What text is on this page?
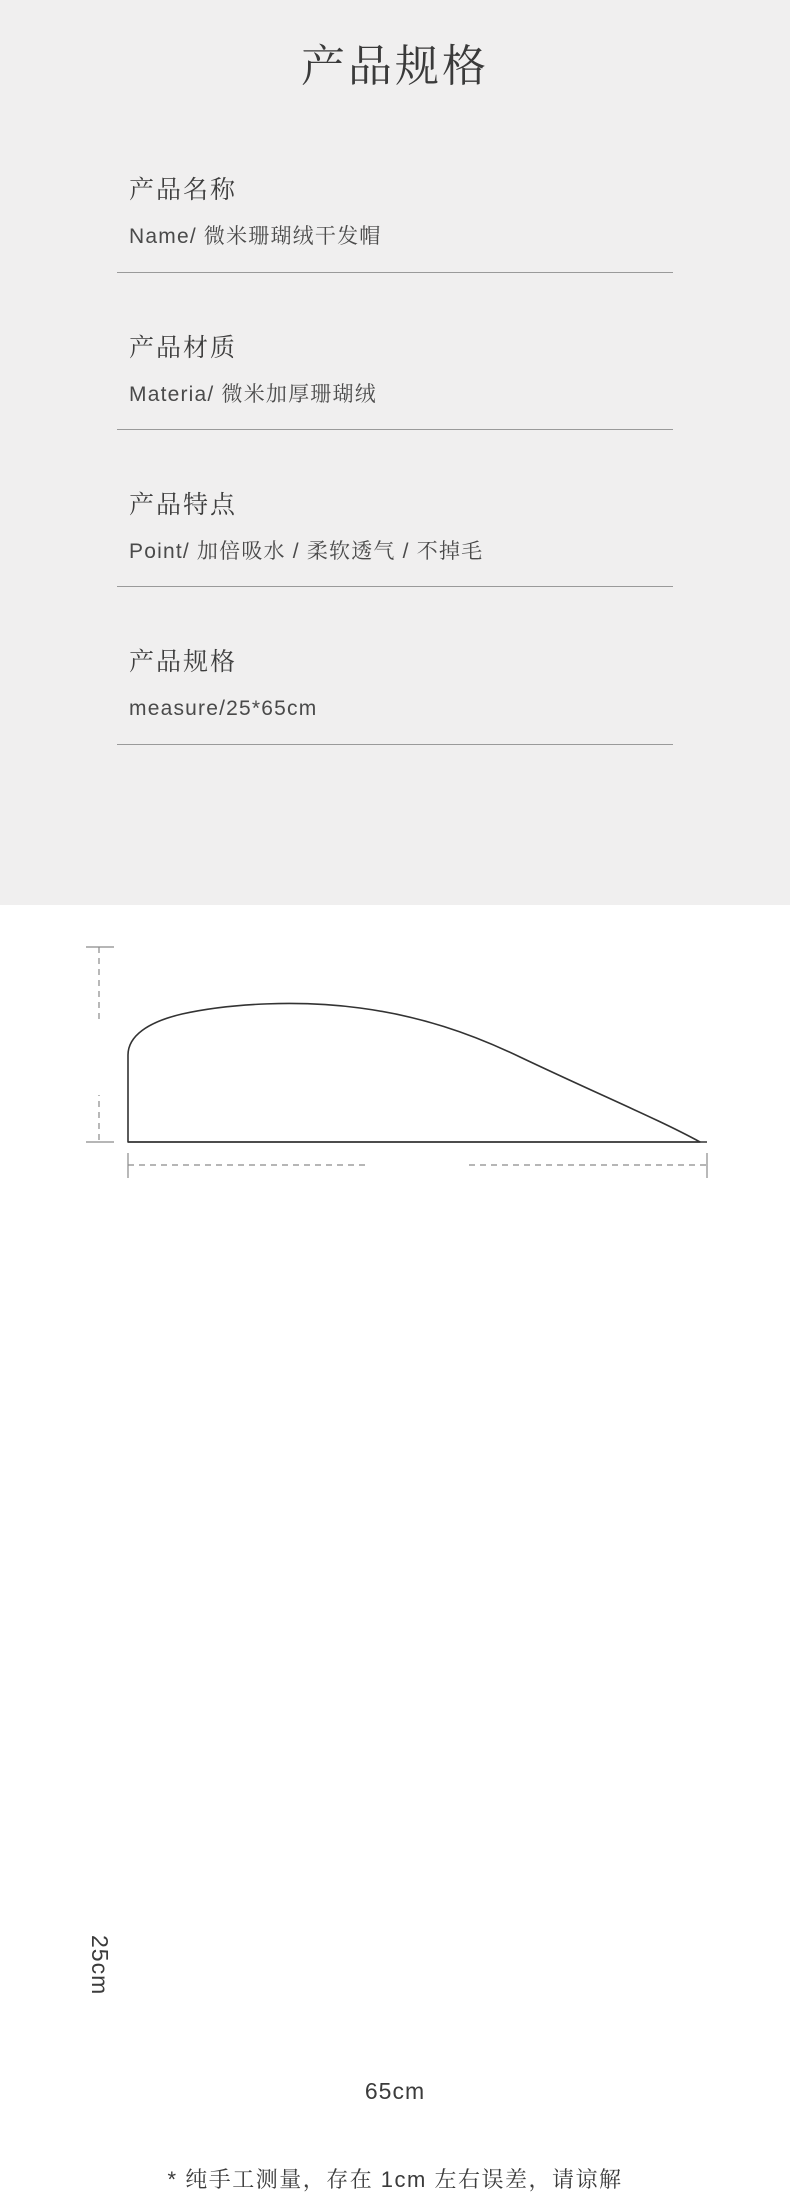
产品规格
产品名称
Name/ 微米珊瑚绒干发帽
产品材质
Materia/ 微米加厚珊瑚绒
产品特点
Point/ 加倍吸水 / 柔软透气 / 不掉毛
产品规格
measure/25*65cm
25cm
65cm
* 纯手工测量，存在 1cm 左右误差，请谅解
